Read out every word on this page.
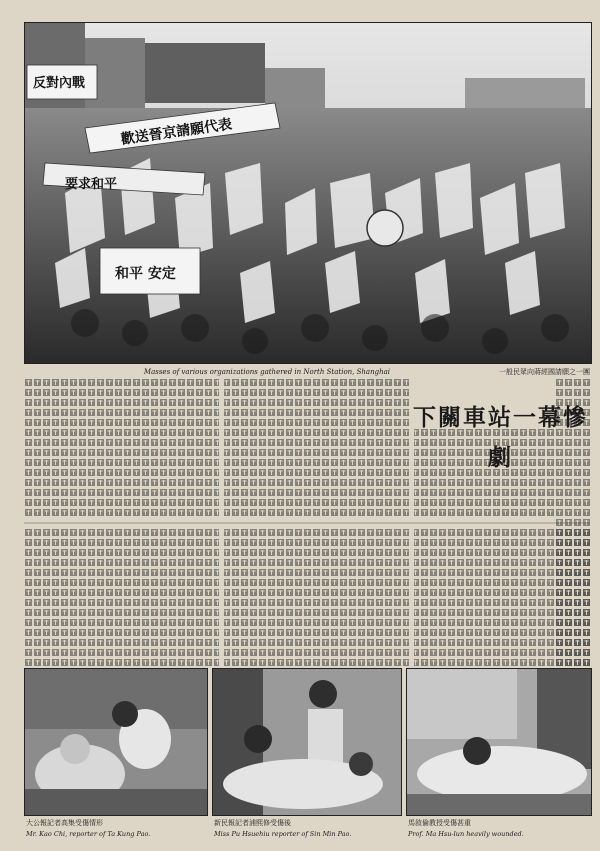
歡送晉京請願代表
反對內戰
和平 安定
要求和平
Masses of various organizations gathered in North Station, Shanghai	一般民眾向蔣經國請願之一團
下關車站一幕慘劇
大公報記者高集受傷情形
Mr. Kao Chi, reporter of Ta Kung Pao.
新民報記者浦熙修受傷後
Miss Pu Hsuehiu reporter of Sin Min Pao.
馬敘倫教授受傷甚重
Prof. Ma Hsu-lun heavily wounded.
